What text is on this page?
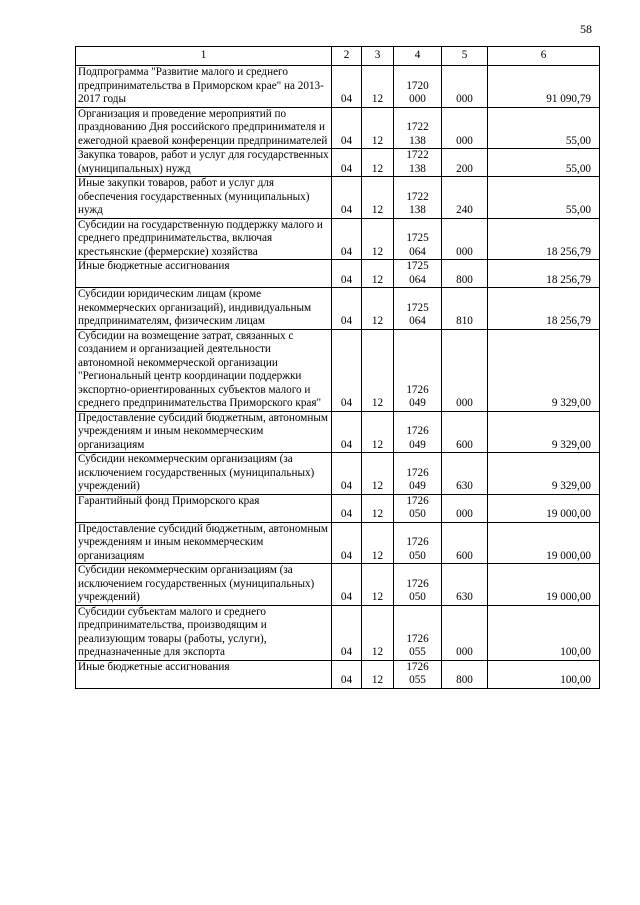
58
1	2	3	4	5	6
Подпрограмма "Развитие малого и среднего предпринимательства в Приморском крае" на 2013-2017 годы	04	12	1720000	000	91 090,79
Организация и проведение мероприятий по празднованию Дня российского предпринимателя и ежегодной краевой конференции предпринимателей	04	12	1722138	000	55,00
Закупка товаров, работ и услуг для государственных (муниципальных) нужд	04	12	1722138	200	55,00
Иные закупки товаров, работ и услуг для обеспечения государственных (муниципальных) нужд	04	12	1722138	240	55,00
Субсидии на государственную поддержку малого и среднего предпринимательства, включая крестьянские (фермерские) хозяйства	04	12	1725064	000	18 256,79
Иные бюджетные ассигнования	04	12	1725064	800	18 256,79
Субсидии юридическим лицам (кроме некоммерческих организаций), индивидуальным предпринимателям, физическим лицам	04	12	1725064	810	18 256,79
Субсидии на возмещение затрат, связанных с созданием и организацией деятельности автономной некоммерческой организации "Региональный центр координации поддержки экспортно-ориентированных субъектов малого и среднего предпринимательства Приморского края"	04	12	1726049	000	9 329,00
Предоставление субсидий бюджетным, автономным учреждениям и иным некоммерческим организациям	04	12	1726049	600	9 329,00
Субсидии некоммерческим организациям (за исключением государственных (муниципальных) учреждений)	04	12	1726049	630	9 329,00
Гарантийный фонд Приморского края	04	12	1726050	000	19 000,00
Предоставление субсидий бюджетным, автономным учреждениям и иным некоммерческим организациям	04	12	1726050	600	19 000,00
Субсидии некоммерческим организациям (за исключением государственных (муниципальных) учреждений)	04	12	1726050	630	19 000,00
Субсидии субъектам малого и среднего предпринимательства, производящим и реализующим товары (работы, услуги), предназначенные для экспорта	04	12	1726055	000	100,00
Иные бюджетные ассигнования	04	12	1726055	800	100,00
